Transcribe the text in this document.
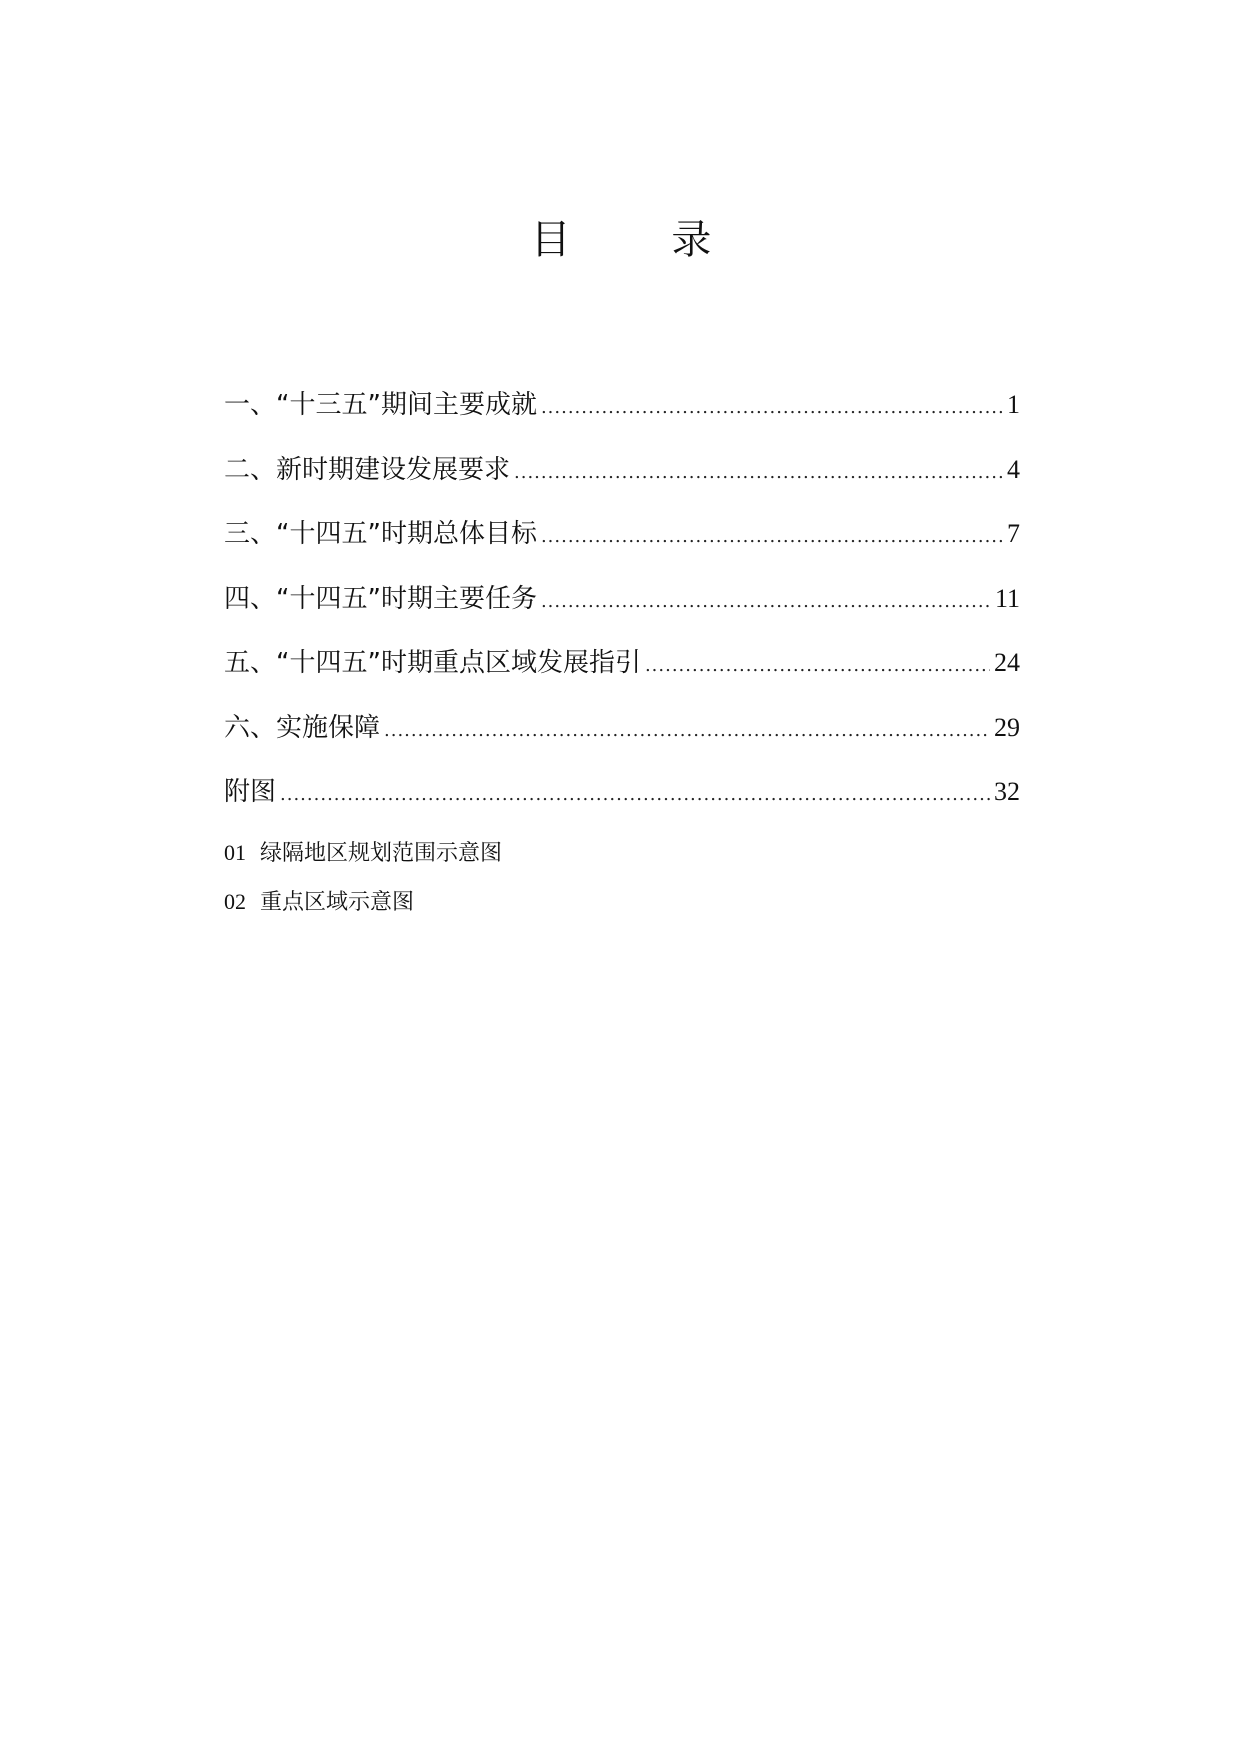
目 录
一、“十三五”期间主要成就 .....	1
二、新时期建设发展要求 .....	4
三、“十四五”时期总体目标 .....	7
四、“十四五”时期主要任务 .....	11
五、“十四五”时期重点区域发展指引 .....	24
六、实施保障 .....	29
附图 .....	32
01 绿隔地区规划范围示意图
02 重点区域示意图
